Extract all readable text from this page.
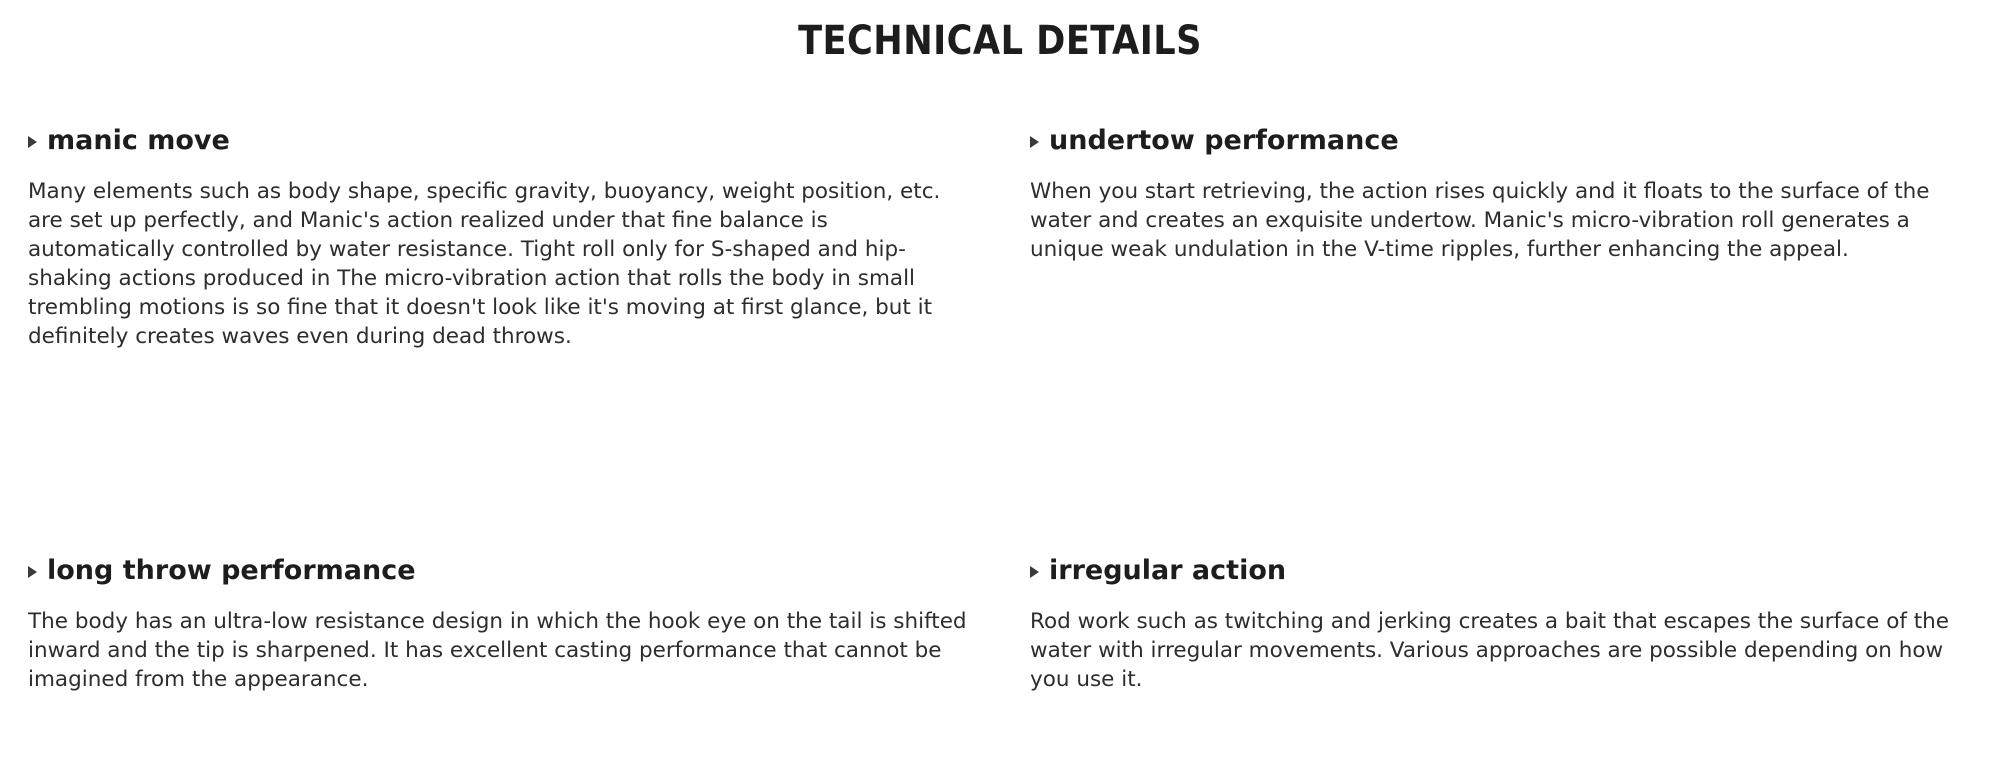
TECHNICAL DETAILS
manic move

Many elements such as body shape, specific gravity, buoyancy, weight position, etc. are set up perfectly, and Manic's action realized under that fine balance is automatically controlled by water resistance. Tight roll only for S-shaped and hip-shaking actions produced in The micro-vibration action that rolls the body in small trembling motions is so fine that it doesn't look like it's moving at first glance, but it definitely creates waves even during dead throws.

long throw performance

The body has an ultra-low resistance design in which the hook eye on the tail is shifted inward and the tip is sharpened. It has excellent casting performance that cannot be imagined from the appearance.

undertow performance

When you start retrieving, the action rises quickly and it floats to the surface of the water and creates an exquisite undertow. Manic's micro-vibration roll generates a unique weak undulation in the V-time ripples, further enhancing the appeal.

irregular action

Rod work such as twitching and jerking creates a bait that escapes the surface of the water with irregular movements. Various approaches are possible depending on how you use it.
